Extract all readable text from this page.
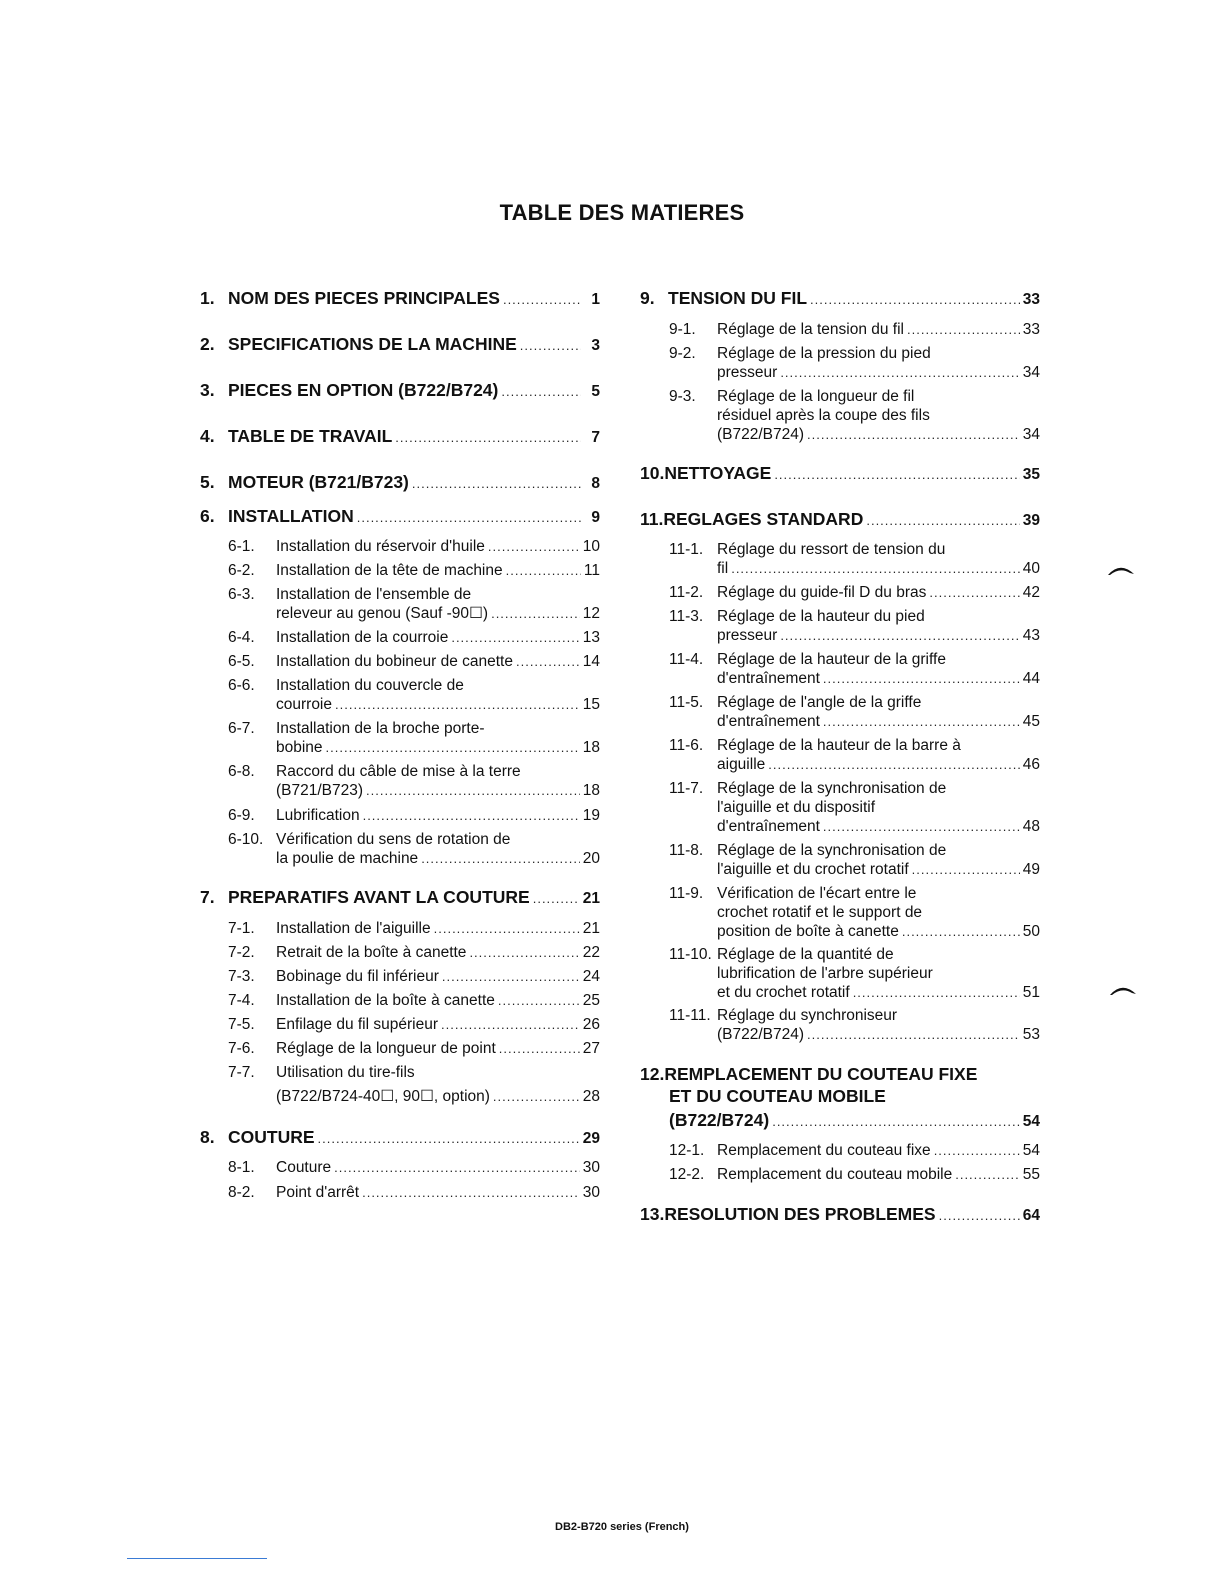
TABLE DES MATIERES
1. NOM DES PIECES PRINCIPALES .....	1
2. SPECIFICATIONS DE LA MACHINE .....	3
3. PIECES EN OPTION (B722/B724) .....	5
4. TABLE DE TRAVAIL .....	7
5. MOTEUR (B721/B723) .....	8
6. INSTALLATION .....	9
6-1.	Installation du réservoir d'huile .....	10
6-2.	Installation de la tête de machine .....	11
6-3.	Installation de l'ensemble de
releveur au genou (Sauf -90☐) .....	12
6-4.	Installation de la courroie .....	13
6-5.	Installation du bobineur de canette .....	14
6-6.	Installation du couvercle de
courroie .....	15
6-7.	Installation de la broche porte-
bobine .....	18
6-8.	Raccord du câble de mise à la terre
(B721/B723) .....	18
6-9.	Lubrification .....	19
6-10. Vérification du sens de rotation de
la poulie de machine .....	20
7. PREPARATIFS AVANT LA COUTURE .....	21
7-1.	Installation de l'aiguille .....	21
7-2.	Retrait de la boîte à canette .....	22
7-3.	Bobinage du fil inférieur .....	24
7-4.	Installation de la boîte à canette .....	25
7-5.	Enfilage du fil supérieur .....	26
7-6.	Réglage de la longueur de point .....	27
7-7.	Utilisation du tire-fils
(B722/B724-40☐, 90☐, option) .....	28
8. COUTURE .....	29
8-1.	Couture .....	30
8-2.	Point d'arrêt .....	30
9. TENSION DU FIL .....	33
9-1.	Réglage de la tension du fil .....	33
9-2.	Réglage de la pression du pied
presseur .....	34
9-3.	Réglage de la longueur de fil
résiduel après la coupe des fils
(B722/B724) .....	34
10. NETTOYAGE .....	35
11. REGLAGES STANDARD .....	39
11-1. Réglage du ressort de tension du
fil .....	40
11-2. Réglage du guide-fil D du bras .....	42
11-3. Réglage de la hauteur du pied
presseur .....	43
11-4. Réglage de la hauteur de la griffe
d'entraînement .....	44
11-5. Réglage de l'angle de la griffe
d'entraînement .....	45
11-6. Réglage de la hauteur de la barre à
aiguille .....	46
11-7. Réglage de la synchronisation de
l'aiguille et du dispositif
d'entraînement .....	48
11-8. Réglage de la synchronisation de
l'aiguille et du crochet rotatif .....	49
11-9. Vérification de l'écart entre le
crochet rotatif et le support de
position de boîte à canette .....	50
11-10. Réglage de la quantité de
lubrification de l'arbre supérieur
et du crochet rotatif .....	51
11-11. Réglage du synchroniseur
(B722/B724) .....	53
12. REMPLACEMENT DU COUTEAU FIXE
ET DU COUTEAU MOBILE
(B722/B724) .....	54
12-1. Remplacement du couteau fixe .....	54
12-2. Remplacement du couteau mobile .....	55
13. RESOLUTION DES PROBLEMES .....	64
DB2-B720 series (French)
